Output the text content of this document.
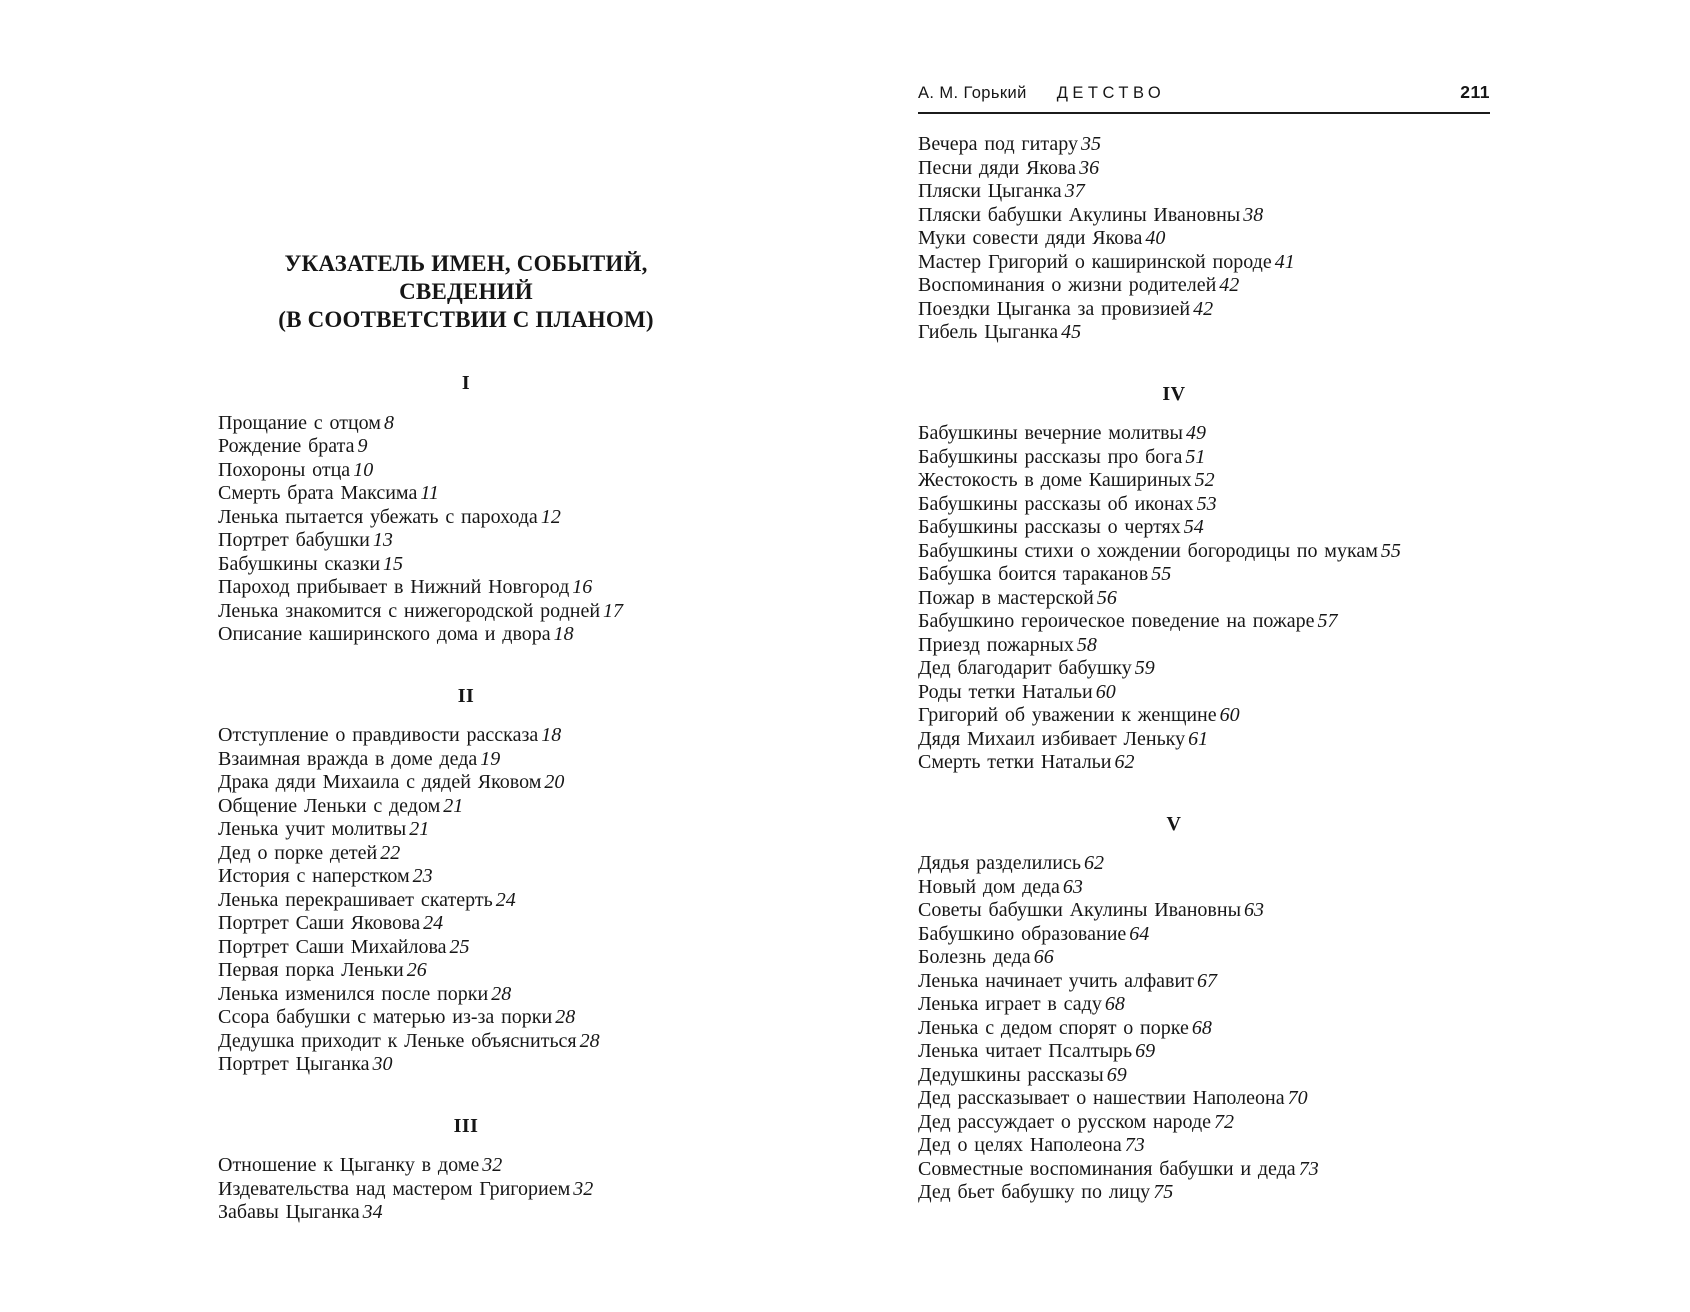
А. М. Горький ДЕТСТВО	211
УКАЗАТЕЛЬ ИМЕН, СОБЫТИЙ, СВЕДЕНИЙ
(В СООТВЕТСТВИИ С ПЛАНОМ)
I
Прощание с отцом 8
Рождение брата 9
Похороны отца 10
Смерть брата Максима 11
Ленька пытается убежать с парохода 12
Портрет бабушки 13
Бабушкины сказки 15
Пароход прибывает в Нижний Новгород 16
Ленька знакомится с нижегородской родней 17
Описание каширинского дома и двора 18
II
Отступление о правдивости рассказа 18
Взаимная вражда в доме деда 19
Драка дяди Михаила с дядей Яковом 20
Общение Леньки с дедом 21
Ленька учит молитвы 21
Дед о порке детей 22
История с наперстком 23
Ленька перекрашивает скатерть 24
Портрет Саши Яковова 24
Портрет Саши Михайлова 25
Первая порка Леньки 26
Ленька изменился после порки 28
Ссора бабушки с матерью из-за порки 28
Дедушка приходит к Леньке объясниться 28
Портрет Цыганка 30
III
Отношение к Цыганку в доме 32
Издевательства над мастером Григорием 32
Забавы Цыганка 34
Вечера под гитару 35
Песни дяди Якова 36
Пляски Цыганка 37
Пляски бабушки Акулины Ивановны 38
Муки совести дяди Якова 40
Мастер Григорий о каширинской породе 41
Воспоминания о жизни родителей 42
Поездки Цыганка за провизией 42
Гибель Цыганка 45
IV
Бабушкины вечерние молитвы 49
Бабушкины рассказы про бога 51
Жестокость в доме Кашириных 52
Бабушкины рассказы об иконах 53
Бабушкины рассказы о чертях 54
Бабушкины стихи о хождении богородицы по мукам 55
Бабушка боится тараканов 55
Пожар в мастерской 56
Бабушкино героическое поведение на пожаре 57
Приезд пожарных 58
Дед благодарит бабушку 59
Роды тетки Натальи 60
Григорий об уважении к женщине 60
Дядя Михаил избивает Леньку 61
Смерть тетки Натальи 62
V
Дядья разделились 62
Новый дом деда 63
Советы бабушки Акулины Ивановны 63
Бабушкино образование 64
Болезнь деда 66
Ленька начинает учить алфавит 67
Ленька играет в саду 68
Ленька с дедом спорят о порке 68
Ленька читает Псалтырь 69
Дедушкины рассказы 69
Дед рассказывает о нашествии Наполеона 70
Дед рассуждает о русском народе 72
Дед о целях Наполеона 73
Совместные воспоминания бабушки и деда 73
Дед бьет бабушку по лицу 75
